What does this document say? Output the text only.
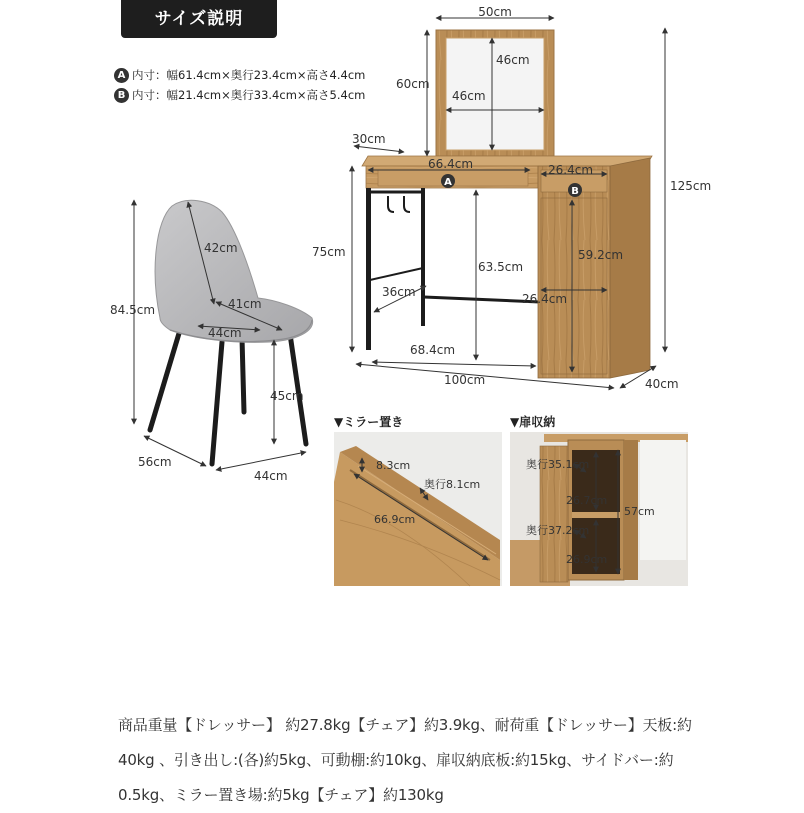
サイズ説明
A 内寸：幅61.4cm×奥行23.4cm×高さ4.4cm
B 内寸：幅21.4cm×奥行33.4cm×高さ5.4cm
A
B
50cm
60cm
46cm
46cm
30cm
66.4cm	26.4cm
125cm
75cm
63.5cm
59.2cm
36cm	26.4cm
68.4cm
100cm	40cm
42cm
41cm
44cm
84.5cm
45cm
56cm
44cm
▼ミラー置き
8.3cm
奥行8.1cm
66.9cm
▼扉収納
奥行35.1cm
26.7cm
57cm
奥行37.2cm
26.9cm
商品重量【ドレッサー】 約27.8kg【チェア】約3.9kg、耐荷重【ドレッサー】天板:約40kg 、引き出し:(各)約5kg、可動棚:約10kg、扉収納底板:約15kg、サイドバー:約0.5kg、ミラー置き場:約5kg【チェア】約130kg
